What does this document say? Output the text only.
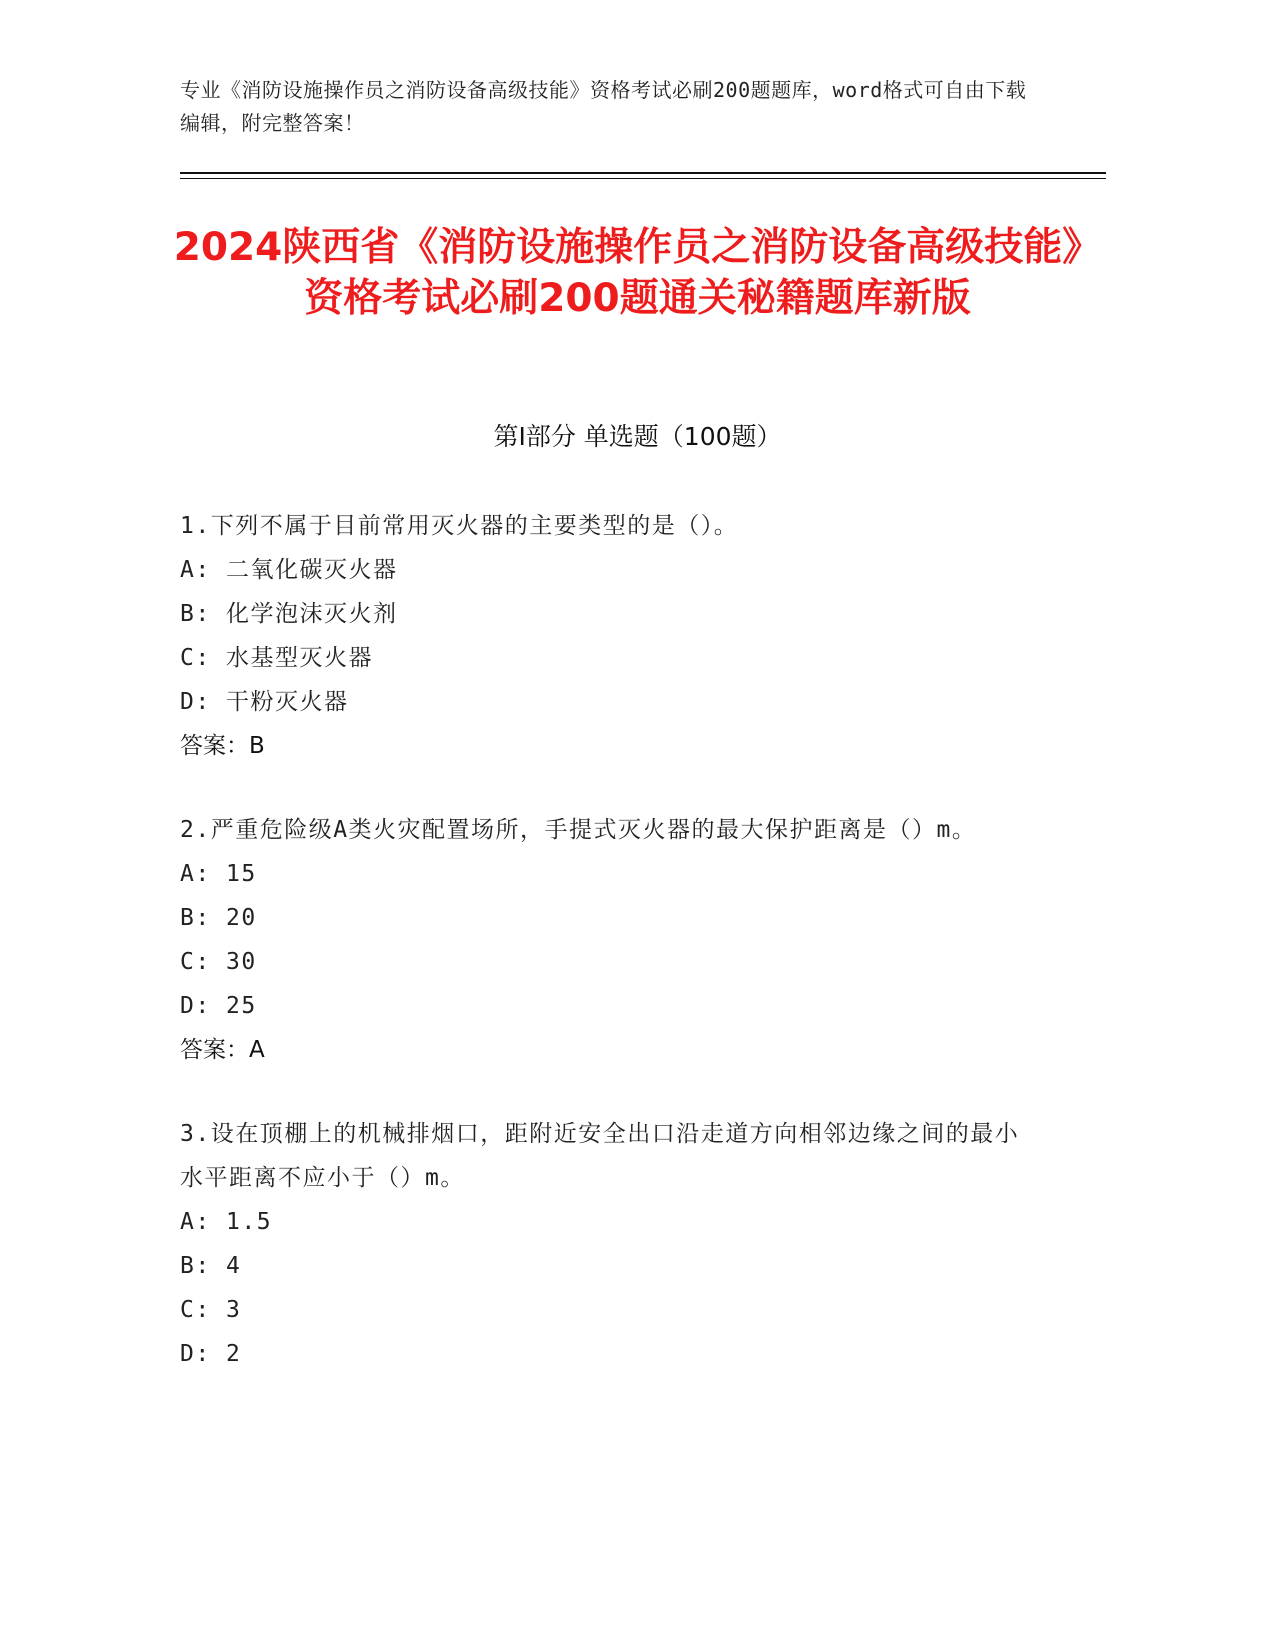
专业《消防设施操作员之消防设备高级技能》资格考试必刷200题题库，word格式可自由下载编辑，附完整答案！
2024陕西省《消防设施操作员之消防设备高级技能》资格考试必刷200题通关秘籍题库新版
第I部分 单选题（100题）
1.下列不属于目前常用灭火器的主要类型的是（）。
A: 二氧化碳灭火器
B: 化学泡沫灭火剂
C: 水基型灭火器
D: 干粉灭火器
答案：B
2.严重危险级A类火灾配置场所，手提式灭火器的最大保护距离是（）m。
A: 15
B: 20
C: 30
D: 25
答案：A
3.设在顶棚上的机械排烟口，距附近安全出口沿走道方向相邻边缘之间的最小水平距离不应小于（）m。
A: 1.5
B: 4
C: 3
D: 2
